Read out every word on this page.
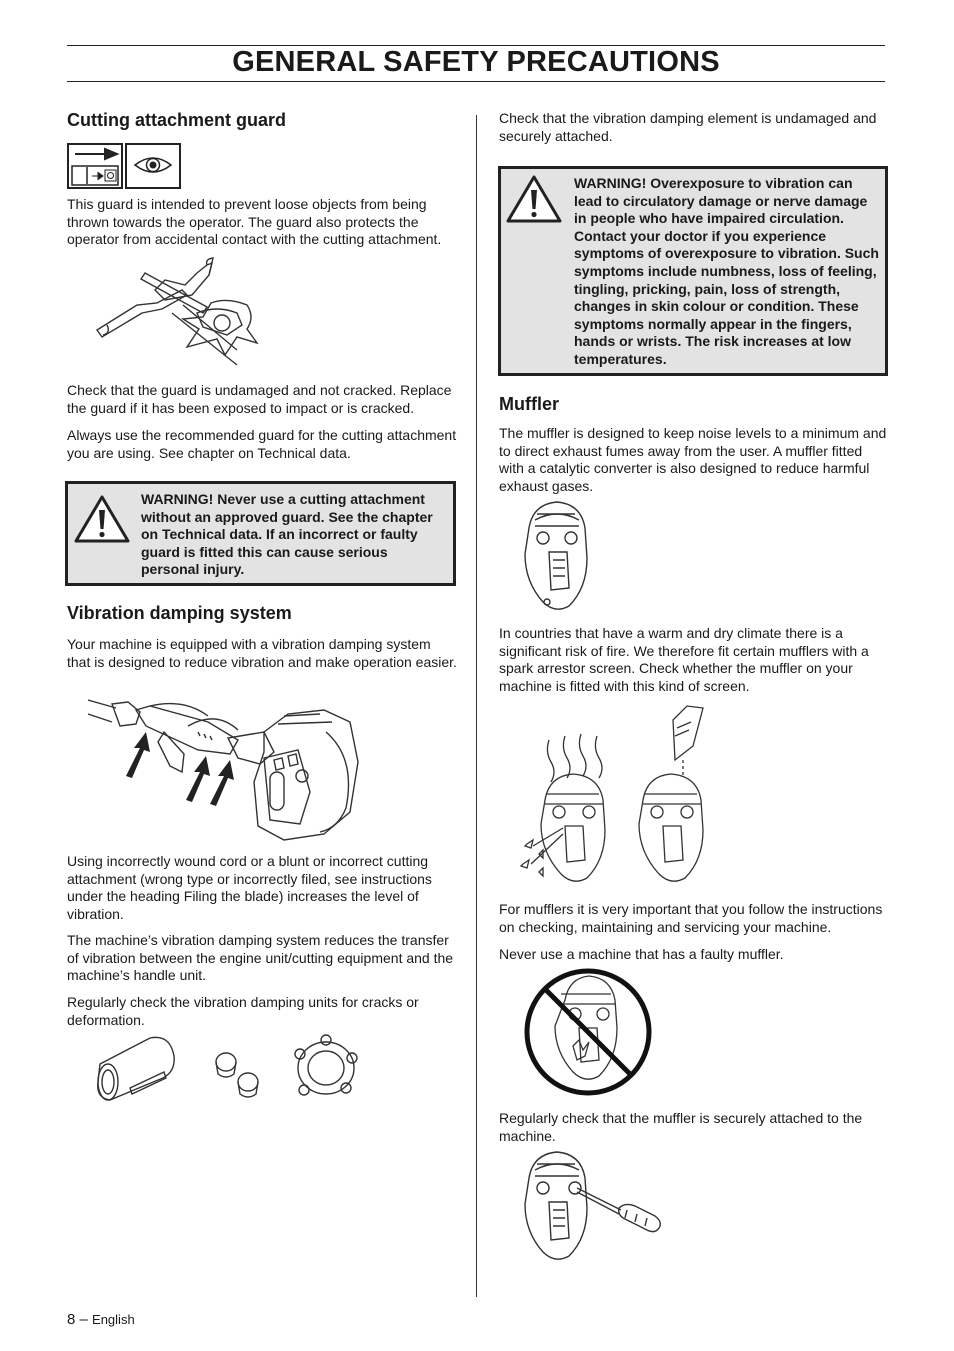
GENERAL SAFETY PRECAUTIONS
Cutting attachment guard

This guard is intended to prevent loose objects from being thrown towards the operator. The guard also protects the operator from accidental contact with the cutting attachment.

Check that the guard is undamaged and not cracked. Replace the guard if it has been exposed to impact or is cracked.

Always use the recommended guard for the cutting attachment you are using. See chapter on Technical data.

WARNING! Never use a cutting attachment without an approved guard. See the chapter on Technical data. If an incorrect or faulty guard is fitted this can cause serious personal injury.
Vibration damping system

Your machine is equipped with a vibration damping system that is designed to reduce vibration and make operation easier.

Using incorrectly wound cord or a blunt or incorrect cutting attachment (wrong type or incorrectly filed, see instructions under the heading Filing the blade) increases the level of vibration.

The machine’s vibration damping system reduces the transfer of vibration between the engine unit/cutting equipment and the machine’s handle unit.

Regularly check the vibration damping units for cracks or deformation.

8 – English

Check that the vibration damping element is undamaged and securely attached.

WARNING! Overexposure to vibration can lead to circulatory damage or nerve damage in people who have impaired circulation. Contact your doctor if you experience symptoms of overexposure to vibration. Such symptoms include numbness, loss of feeling, tingling, pricking, pain, loss of strength, changes in skin colour or condition. These symptoms normally appear in the fingers, hands or wrists. The risk increases at low temperatures.
Muffler

The muffler is designed to keep noise levels to a minimum and to direct exhaust fumes away from the user. A muffler fitted with a catalytic converter is also designed to reduce harmful exhaust gases.

In countries that have a warm and dry climate there is a significant risk of fire. We therefore fit certain mufflers with a spark arrestor screen. Check whether the muffler on your machine is fitted with this kind of screen.

For mufflers it is very important that you follow the instructions on checking, maintaining and servicing your machine.

Never use a machine that has a faulty muffler.

Regularly check that the muffler is securely attached to the machine.
